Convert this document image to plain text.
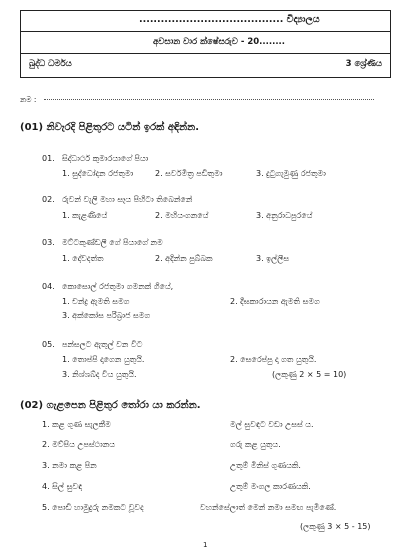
........................................ විද්‍යාලය
අවසාන වාර ක්ෂේසරුව - 20........
බුද්ධ ධර්මය	3 ශ්‍රේණිය
නම :
(01) නිවැරදි පිළිතුරට යටින් ඉරක් අඳින්න.
01. සිද්ධාර්ථ කුමාරයාගේ පියා
1. සුද්ධෝදන රජතුමා	2. සර්වමිත්‍ර පඩිතුමා	3. දුටුගැමුණු රජතුමා
02. රුවන් වැලි මහා සෑය පිහිටා තිබෙන්නේ
1. කැළණියේ	2. මහියංගනයේ	3. අනුරාධපුරයේ
03. මට්ටකුණ්ඩලී ගේ පියාගේ නම
1. දේවදත්ත	2. අදින්න පුබ්බක	3. ඉල්ලීස
04. කොසොල් රජතුමා ගමනක් ගියේ,
1. චන්ද්‍ර ඇමති සමග	2. දීඝකාරායන ඇමති සමග
3. අක්කෝස පරිබ්‍රාජ සමග
05. පන්සලට ඇතුල් වන විට
1. තොප්පි දාගෙන යුතුයි.	2. සෙරෙප්පු දා ගත යුතුයි.
3. නිශ්ශබ්ද විය යුතුයි.	(ලකුණු 2 × 5 = 10)
(02) ගැළපෙන පිළිතුර තෝරා යා කරන්න.
1. කළ ගුණ සැලකීම	මල් සුවඳට වඩා උසස් ය.
2. මව්පිය උපස්ථානය	ගරු කළ යුතුය.
3. නමා කළ පින	උතුම් මිනිස් ගුණයකි.
4. සිල් සුවඳ	උතුම් මංගල කාරණයකි.
5. පොඩි හාමුදුරු නමකට වූවද	වහන්සේලාත් මෙන් නමා සමඟ පැමිණේ.
(ලකුණු 3 × 5 - 15)
1
